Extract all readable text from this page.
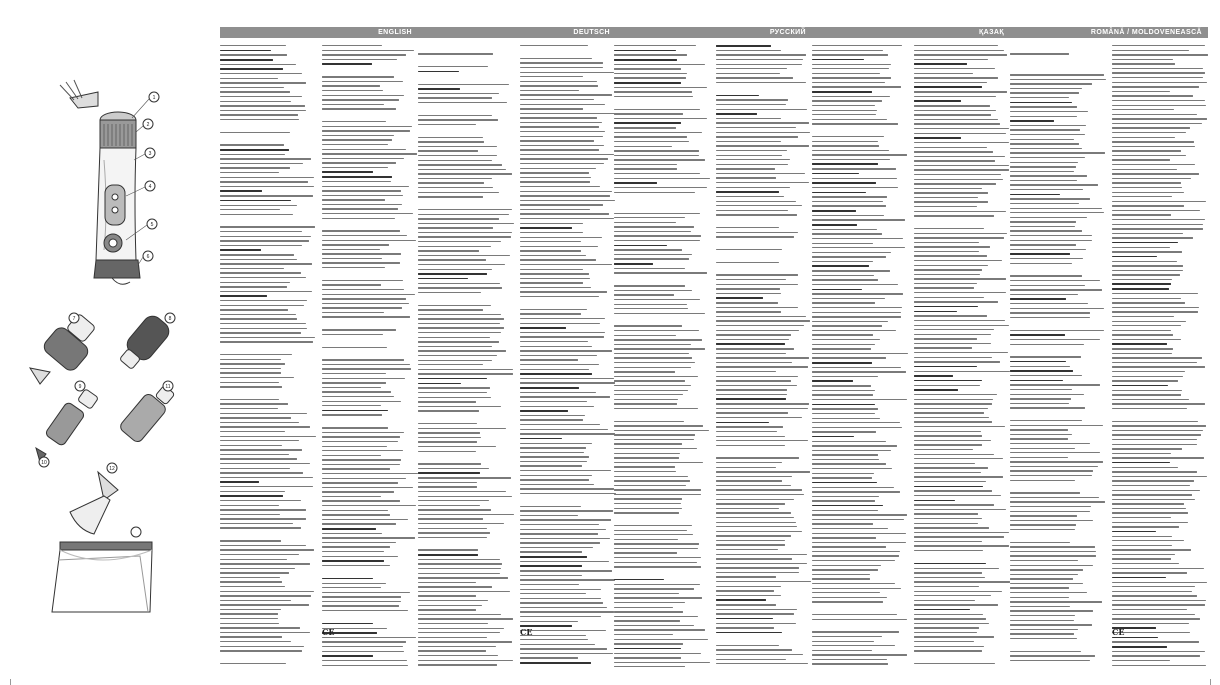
1
2
3
4
5
6
7	8
9
10
11
12
ENGLISH
CE
DEUTSCH
CE
РУССКИЙ	ҚАЗАҚ	ROMÂNĂ / MOLDOVENEASCĂ
CE
